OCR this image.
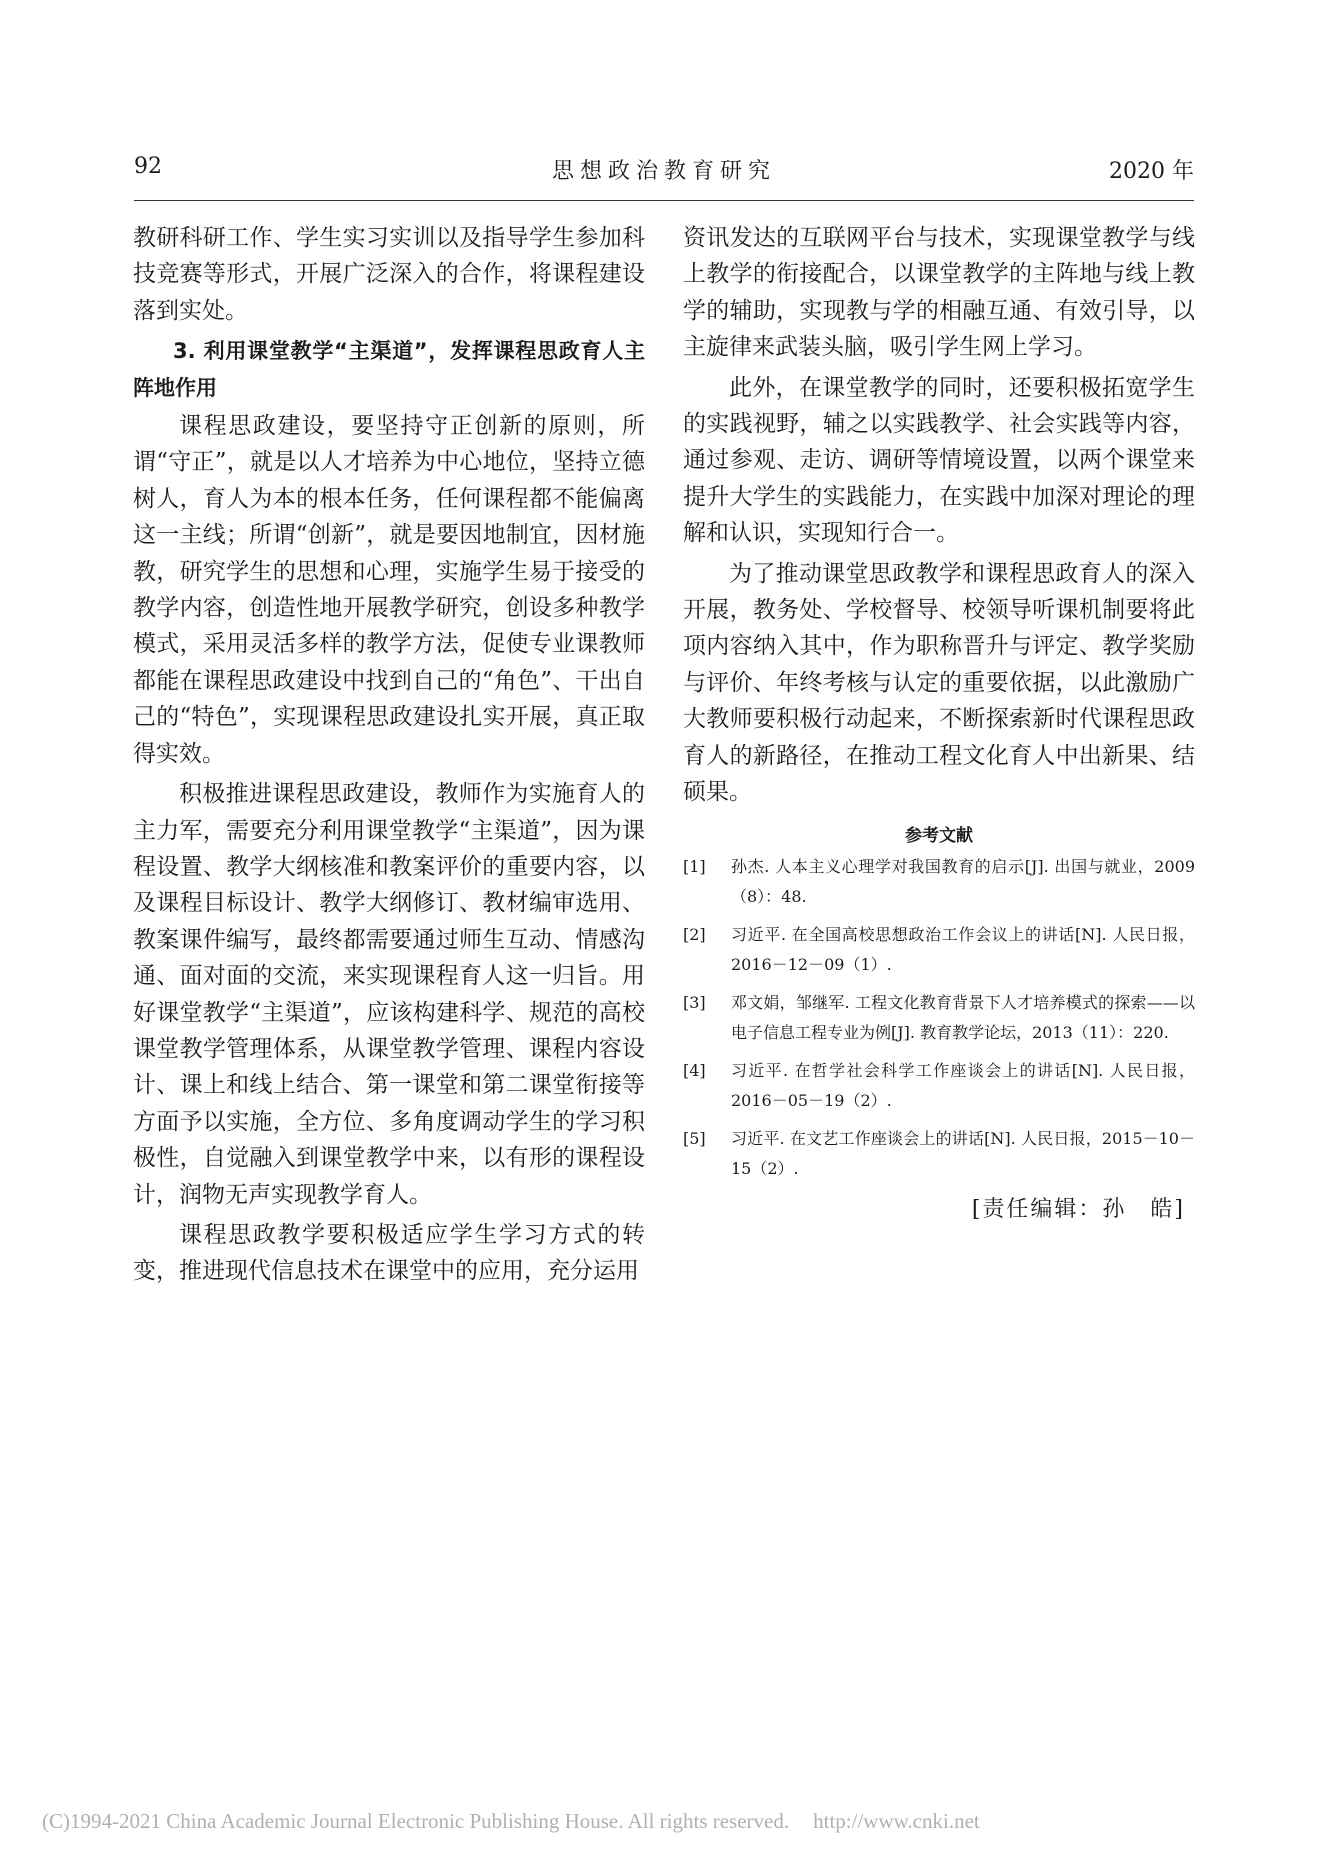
92	思想政治教育研究	2020 年

教研科研工作、学生实习实训以及指导学生参加科技竞赛等形式，开展广泛深入的合作，将课程建设落到实处。

3. 利用课堂教学“主渠道”，发挥课程思政育人主阵地作用

课程思政建设，要坚持守正创新的原则，所谓“守正”，就是以人才培养为中心地位，坚持立德树人，育人为本的根本任务，任何课程都不能偏离这一主线；所谓“创新”，就是要因地制宜，因材施教，研究学生的思想和心理，实施学生易于接受的教学内容，创造性地开展教学研究，创设多种教学模式，采用灵活多样的教学方法，促使专业课教师都能在课程思政建设中找到自己的“角色”、干出自己的“特色”，实现课程思政建设扎实开展，真正取得实效。

积极推进课程思政建设，教师作为实施育人的主力军，需要充分利用课堂教学“主渠道”，因为课程设置、教学大纲核准和教案评价的重要内容，以及课程目标设计、教学大纲修订、教材编审选用、教案课件编写，最终都需要通过师生互动、情感沟通、面对面的交流，来实现课程育人这一归旨。用好课堂教学“主渠道”，应该构建科学、规范的高校课堂教学管理体系，从课堂教学管理、课程内容设计、课上和线上结合、第一课堂和第二课堂衔接等方面予以实施，全方位、多角度调动学生的学习积极性，自觉融入到课堂教学中来，以有形的课程设计，润物无声实现教学育人。

课程思政教学要积极适应学生学习方式的转变，推进现代信息技术在课堂中的应用，充分运用

资讯发达的互联网平台与技术，实现课堂教学与线上教学的衔接配合，以课堂教学的主阵地与线上教学的辅助，实现教与学的相融互通、有效引导，以主旋律来武装头脑，吸引学生网上学习。

此外，在课堂教学的同时，还要积极拓宽学生的实践视野，辅之以实践教学、社会实践等内容，通过参观、走访、调研等情境设置，以两个课堂来提升大学生的实践能力，在实践中加深对理论的理解和认识，实现知行合一。

为了推动课堂思政教学和课程思政育人的深入开展，教务处、学校督导、校领导听课机制要将此项内容纳入其中，作为职称晋升与评定、教学奖励与评价、年终考核与认定的重要依据，以此激励广大教师要积极行动起来，不断探索新时代课程思政育人的新路径，在推动工程文化育人中出新果、结硕果。

参考文献
[1] 孙杰. 人本主义心理学对我国教育的启示[J]. 出国与就业，2009（8）：48.
[2] 习近平. 在全国高校思想政治工作会议上的讲话[N]. 人民日报，2016－12－09（1）.
[3] 邓文娟，邹继军. 工程文化教育背景下人才培养模式的探索——以电子信息工程专业为例[J]. 教育教学论坛，2013（11）：220.
[4] 习近平. 在哲学社会科学工作座谈会上的讲话[N]. 人民日报，2016－05－19（2）.
[5] 习近平. 在文艺工作座谈会上的讲话[N]. 人民日报，2015－10－15（2）.
[责任编辑：孙　皓]
(C)1994-2021 China Academic Journal Electronic Publishing House. All rights reserved. http://www.cnki.net
